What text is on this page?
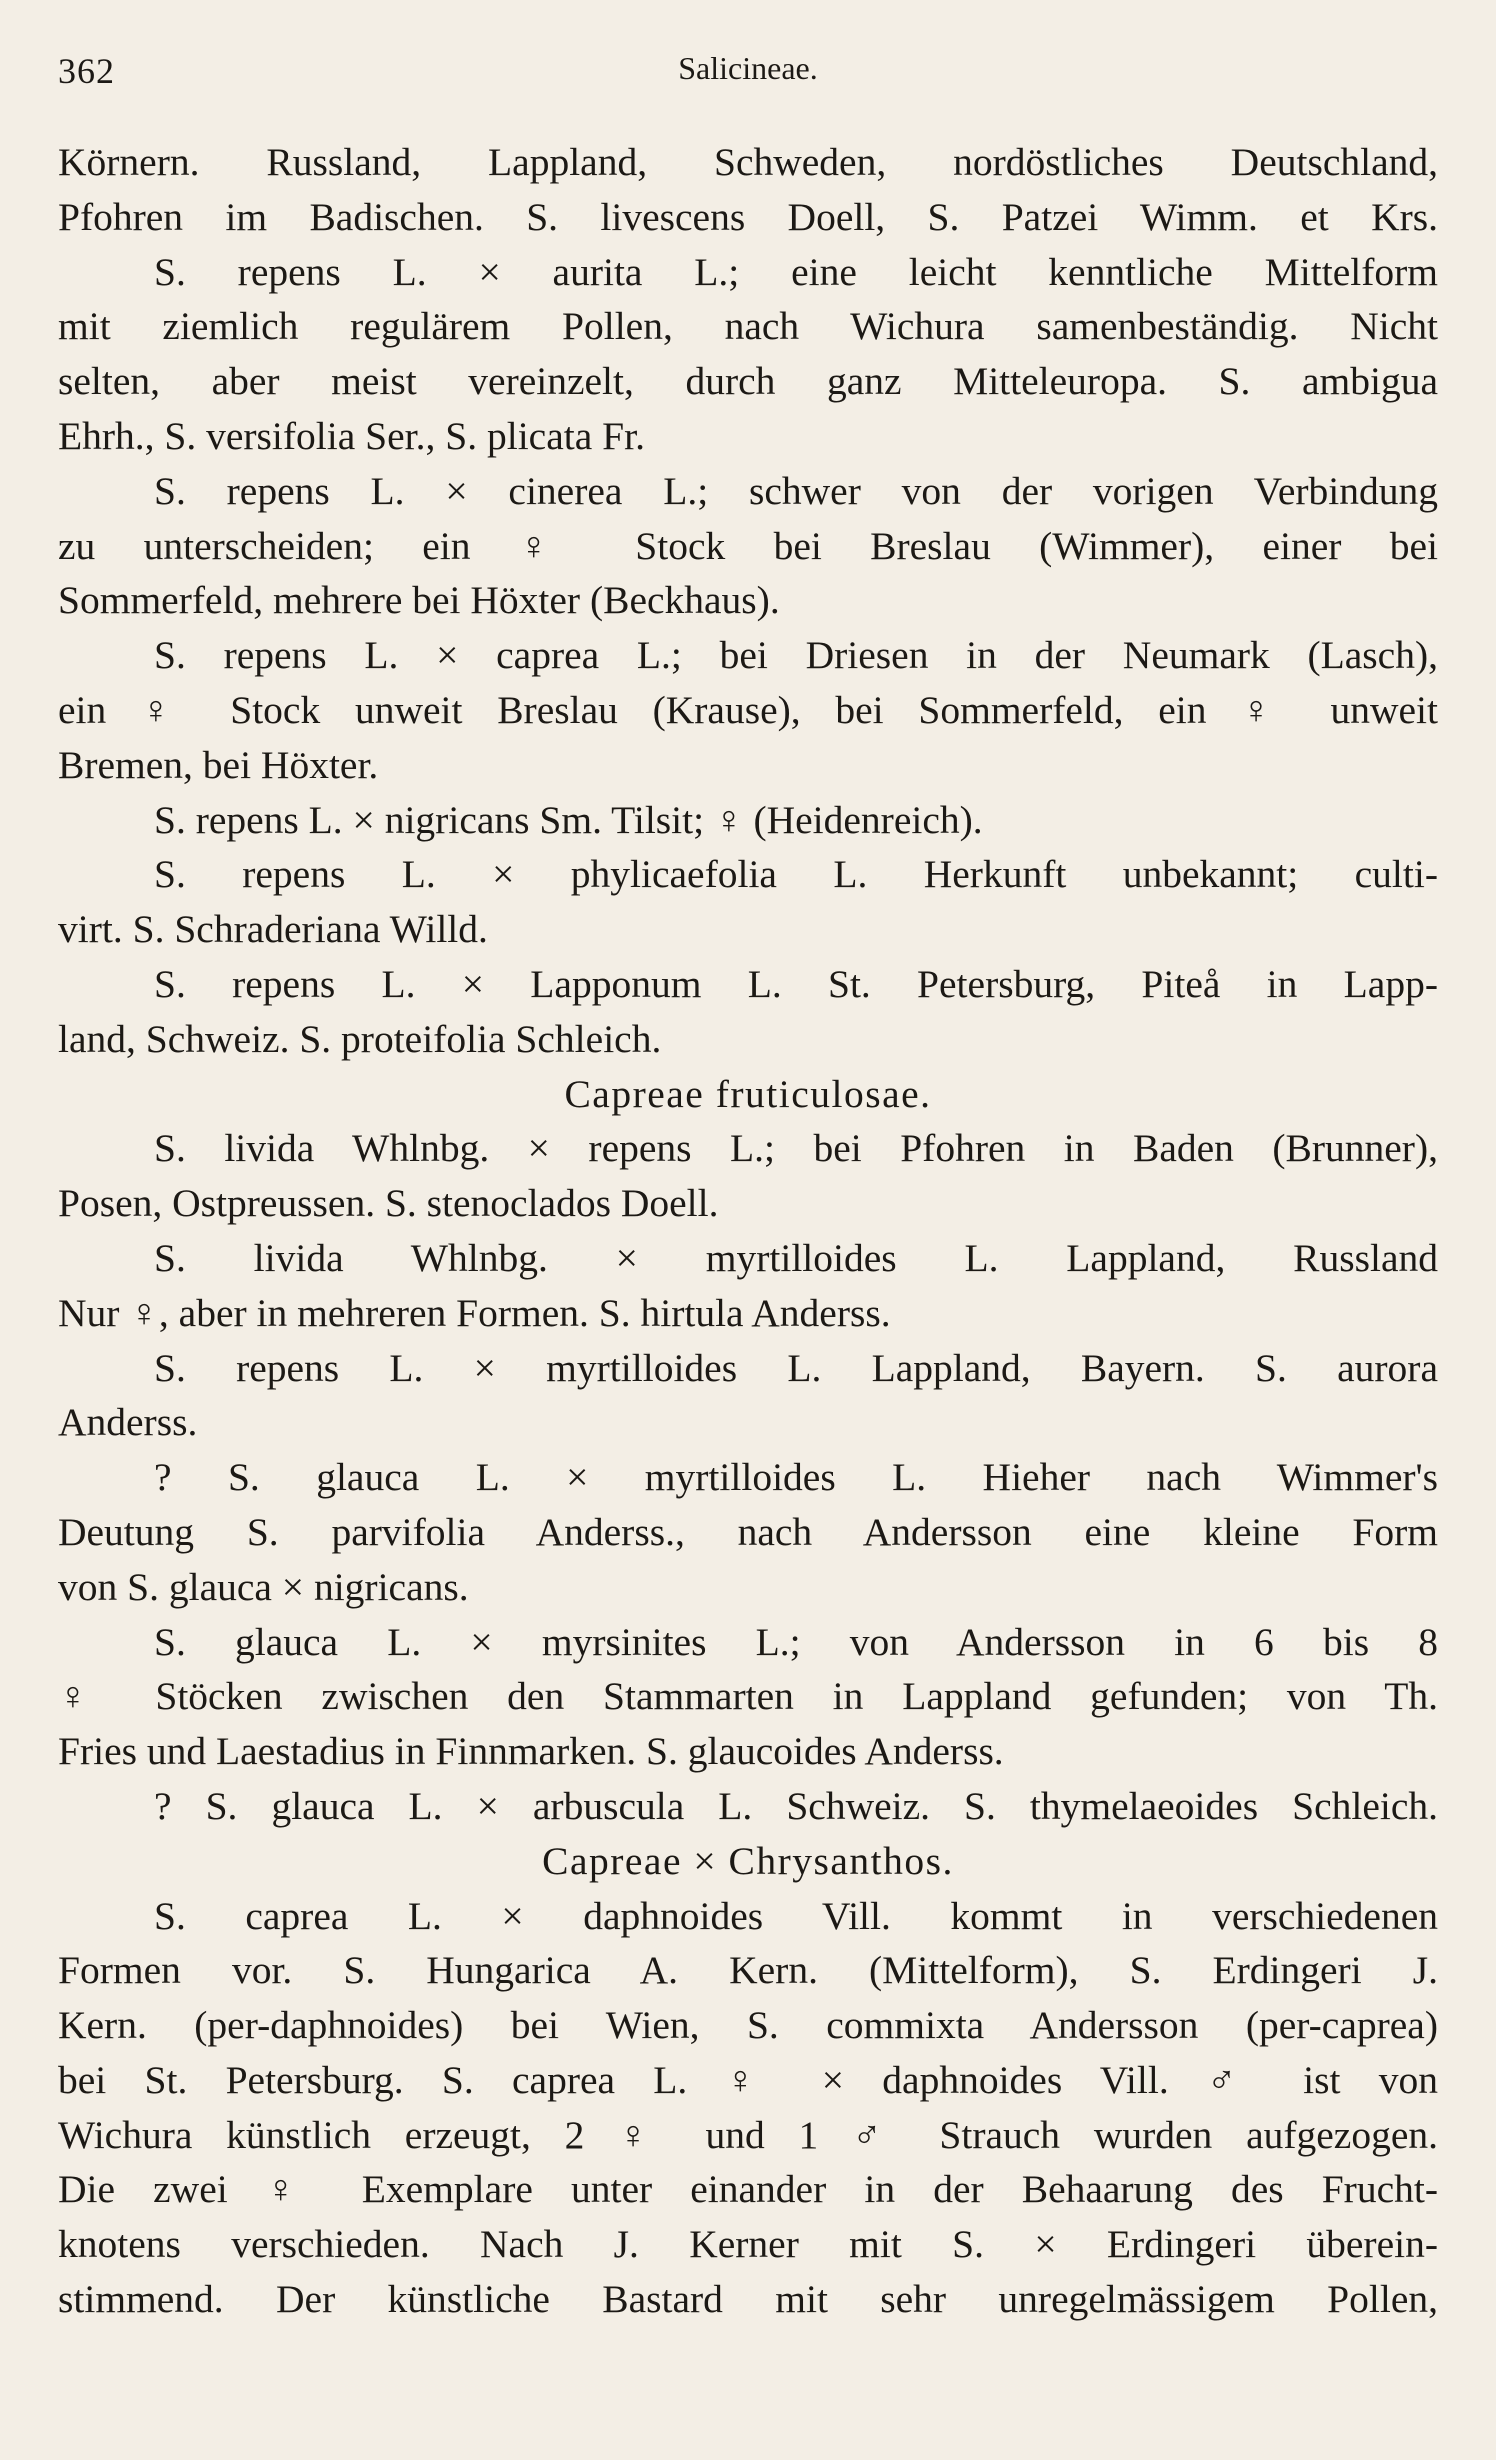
362	Salicineae.
Körnern. Russland, Lappland, Schweden, nordöstliches Deutschland,
Pfohren im Badischen. S. livescens Doell, S. Patzei Wimm. et Krs.
S. repens L. × aurita L.; eine leicht kenntliche Mittelform
mit ziemlich regulärem Pollen, nach Wichura samenbeständig. Nicht
selten, aber meist vereinzelt, durch ganz Mitteleuropa. S. ambigua
Ehrh., S. versifolia Ser., S. plicata Fr.
S. repens L. × cinerea L.; schwer von der vorigen Verbindung
zu unterscheiden; ein ♀ Stock bei Breslau (Wimmer), einer bei
Sommerfeld, mehrere bei Höxter (Beckhaus).
S. repens L. × caprea L.; bei Driesen in der Neumark (Lasch),
ein ♀ Stock unweit Breslau (Krause), bei Sommerfeld, ein ♀ unweit
Bremen, bei Höxter.
S. repens L. × nigricans Sm. Tilsit; ♀ (Heidenreich).
S. repens L. × phylicaefolia L. Herkunft unbekannt; culti-
virt. S. Schraderiana Willd.
S. repens L. × Lapponum L. St. Petersburg, Piteå in Lapp-
land, Schweiz. S. proteifolia Schleich.
Capreae fruticulosae.
S. livida Whlnbg. × repens L.; bei Pfohren in Baden (Brunner),
Posen, Ostpreussen. S. stenoclados Doell.
S. livida Whlnbg. × myrtilloides L. Lappland, Russland
Nur ♀, aber in mehreren Formen. S. hirtula Anderss.
S. repens L. × myrtilloides L. Lappland, Bayern. S. aurora
Anderss.
? S. glauca L. × myrtilloides L. Hieher nach Wimmer's
Deutung S. parvifolia Anderss., nach Andersson eine kleine Form
von S. glauca × nigricans.
S. glauca L. × myrsinites L.; von Andersson in 6 bis 8
♀ Stöcken zwischen den Stammarten in Lappland gefunden; von Th.
Fries und Laestadius in Finnmarken. S. glaucoides Anderss.
? S. glauca L. × arbuscula L. Schweiz. S. thymelaeoides Schleich.
Capreae × Chrysanthos.
S. caprea L. × daphnoides Vill. kommt in verschiedenen
Formen vor. S. Hungarica A. Kern. (Mittelform), S. Erdingeri J.
Kern. (per-daphnoides) bei Wien, S. commixta Andersson (per-caprea)
bei St. Petersburg. S. caprea L. ♀ × daphnoides Vill. ♂ ist von
Wichura künstlich erzeugt, 2 ♀ und 1 ♂ Strauch wurden aufgezogen.
Die zwei ♀ Exemplare unter einander in der Behaarung des Frucht-
knotens verschieden. Nach J. Kerner mit S. × Erdingeri überein-
stimmend. Der künstliche Bastard mit sehr unregelmässigem Pollen,
